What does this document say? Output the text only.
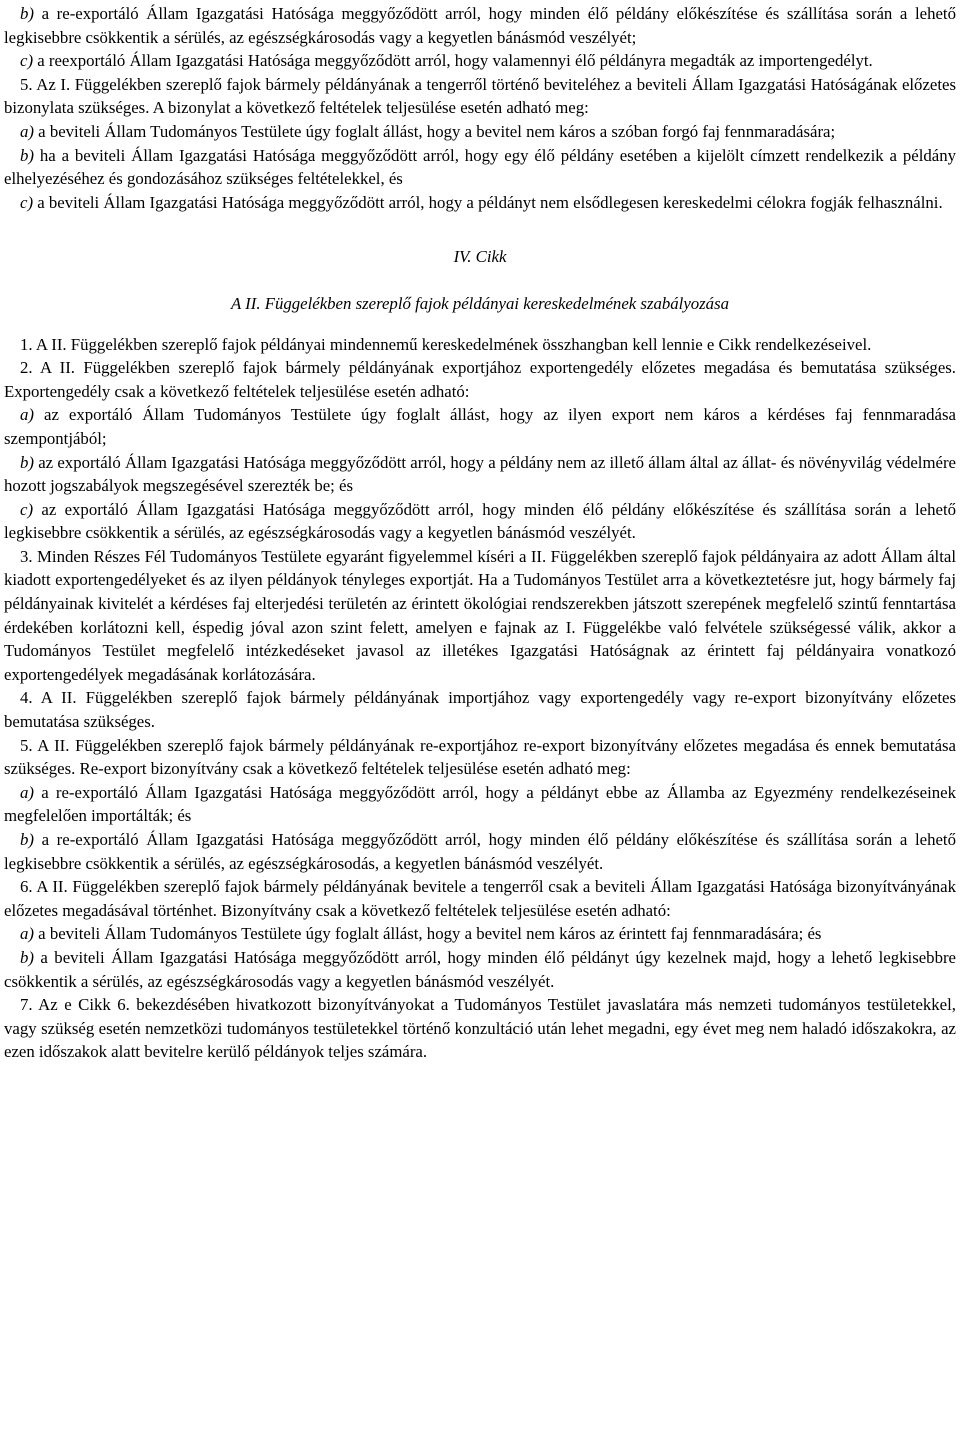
b) a re-exportáló Állam Igazgatási Hatósága meggyőződött arról, hogy minden élő példány előkészítése és szállítása során a lehető legkisebbre csökkentik a sérülés, az egészségkárosodás vagy a kegyetlen bánásmód veszélyét;

c) a reexportáló Állam Igazgatási Hatósága meggyőződött arról, hogy valamennyi élő példányra megadták az importengedélyt.

5. Az I. Függelékben szereplő fajok bármely példányának a tengerről történő beviteléhez a beviteli Állam Igazgatási Hatóságának előzetes bizonylata szükséges. A bizonylat a következő feltételek teljesülése esetén adható meg:

a) a beviteli Állam Tudományos Testülete úgy foglalt állást, hogy a bevitel nem káros a szóban forgó faj fennmaradására;

b) ha a beviteli Állam Igazgatási Hatósága meggyőződött arról, hogy egy élő példány esetében a kijelölt címzett rendelkezik a példány elhelyezéséhez és gondozásához szükséges feltételekkel, és

c) a beviteli Állam Igazgatási Hatósága meggyőződött arról, hogy a példányt nem elsődlegesen kereskedelmi célokra fogják felhasználni.

IV. Cikk
A II. Függelékben szereplő fajok példányai kereskedelmének szabályozása

1. A II. Függelékben szereplő fajok példányai mindennemű kereskedelmének összhangban kell lennie e Cikk rendelkezéseivel.

2. A II. Függelékben szereplő fajok bármely példányának exportjához exportengedély előzetes megadása és bemutatása szükséges. Exportengedély csak a következő feltételek teljesülése esetén adható:

a) az exportáló Állam Tudományos Testülete úgy foglalt állást, hogy az ilyen export nem káros a kérdéses faj fennmaradása szempontjából;

b) az exportáló Állam Igazgatási Hatósága meggyőződött arról, hogy a példány nem az illető állam által az állat- és növényvilág védelmére hozott jogszabályok megszegésével szerezték be; és

c) az exportáló Állam Igazgatási Hatósága meggyőződött arról, hogy minden élő példány előkészítése és szállítása során a lehető legkisebbre csökkentik a sérülés, az egészségkárosodás vagy a kegyetlen bánásmód veszélyét.

3. Minden Részes Fél Tudományos Testülete egyaránt figyelemmel kíséri a II. Függelékben szereplő fajok példányaira az adott Állam által kiadott exportengedélyeket és az ilyen példányok tényleges exportját. Ha a Tudományos Testület arra a következtetésre jut, hogy bármely faj példányainak kivitelét a kérdéses faj elterjedési területén az érintett ökológiai rendszerekben játszott szerepének megfelelő szintű fenntartása érdekében korlátozni kell, éspedig jóval azon szint felett, amelyen e fajnak az I. Függelékbe való felvétele szükségessé válik, akkor a Tudományos Testület megfelelő intézkedéseket javasol az illetékes Igazgatási Hatóságnak az érintett faj példányaira vonatkozó exportengedélyek megadásának korlátozására.

4. A II. Függelékben szereplő fajok bármely példányának importjához vagy exportengedély vagy re-export bizonyítvány előzetes bemutatása szükséges.

5. A II. Függelékben szereplő fajok bármely példányának re-exportjához re-export bizonyítvány előzetes megadása és ennek bemutatása szükséges. Re-export bizonyítvány csak a következő feltételek teljesülése esetén adható meg:

a) a re-exportáló Állam Igazgatási Hatósága meggyőződött arról, hogy a példányt ebbe az Államba az Egyezmény rendelkezéseinek megfelelően importálták; és

b) a re-exportáló Állam Igazgatási Hatósága meggyőződött arról, hogy minden élő példány előkészítése és szállítása során a lehető legkisebbre csökkentik a sérülés, az egészségkárosodás, a kegyetlen bánásmód veszélyét.

6. A II. Függelékben szereplő fajok bármely példányának bevitele a tengerről csak a beviteli Állam Igazgatási Hatósága bizonyítványának előzetes megadásával történhet. Bizonyítvány csak a következő feltételek teljesülése esetén adható:

a) a beviteli Állam Tudományos Testülete úgy foglalt állást, hogy a bevitel nem káros az érintett faj fennmaradására; és

b) a beviteli Állam Igazgatási Hatósága meggyőződött arról, hogy minden élő példányt úgy kezelnek majd, hogy a lehető legkisebbre csökkentik a sérülés, az egészségkárosodás vagy a kegyetlen bánásmód veszélyét.

7. Az e Cikk 6. bekezdésében hivatkozott bizonyítványokat a Tudományos Testület javaslatára más nemzeti tudományos testületekkel, vagy szükség esetén nemzetközi tudományos testületekkel történő konzultáció után lehet megadni, egy évet meg nem haladó időszakokra, az ezen időszakok alatt bevitelre kerülő példányok teljes számára.
